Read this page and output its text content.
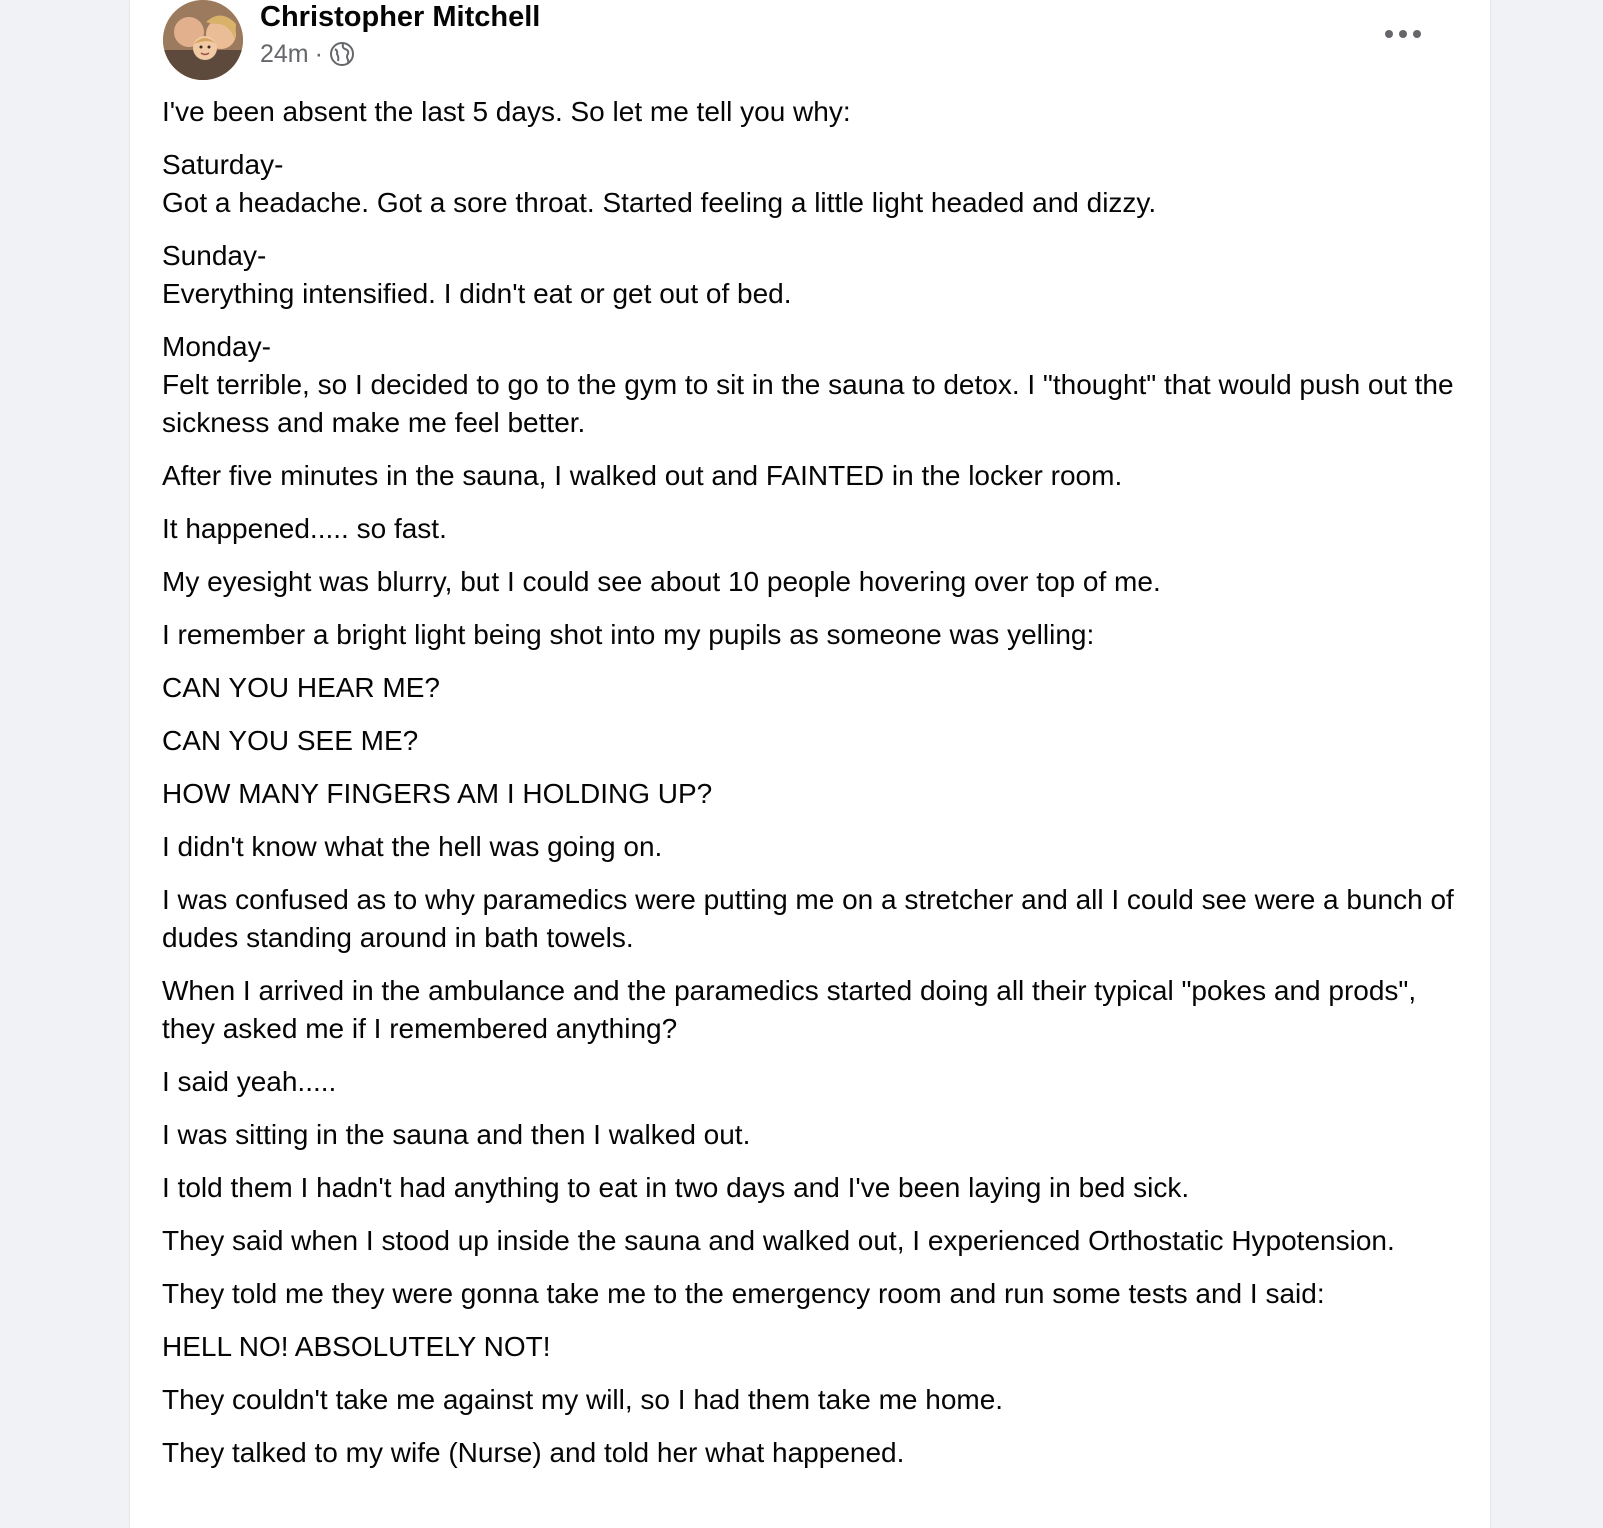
Christopher Mitchell
24m ·

I've been absent the last 5 days. So let me tell you why:

Saturday-
Got a headache. Got a sore throat. Started feeling a little light headed and dizzy.

Sunday-
Everything intensified. I didn't eat or get out of bed.

Monday-
Felt terrible, so I decided to go to the gym to sit in the sauna to detox. I "thought" that would push out the sickness and make me feel better.

After five minutes in the sauna, I walked out and FAINTED in the locker room.

It happened..... so fast.

My eyesight was blurry, but I could see about 10 people hovering over top of me.

I remember a bright light being shot into my pupils as someone was yelling:

CAN YOU HEAR ME?

CAN YOU SEE ME?

HOW MANY FINGERS AM I HOLDING UP?

I didn't know what the hell was going on.

I was confused as to why paramedics were putting me on a stretcher and all I could see were a bunch of dudes standing around in bath towels.

When I arrived in the ambulance and the paramedics started doing all their typical "pokes and prods", they asked me if I remembered anything?

I said yeah.....

I was sitting in the sauna and then I walked out.

I told them I hadn't had anything to eat in two days and I've been laying in bed sick.

They said when I stood up inside the sauna and walked out, I experienced Orthostatic Hypotension.

They told me they were gonna take me to the emergency room and run some tests and I said:

HELL NO! ABSOLUTELY NOT!

They couldn't take me against my will, so I had them take me home.

They talked to my wife (Nurse) and told her what happened.
